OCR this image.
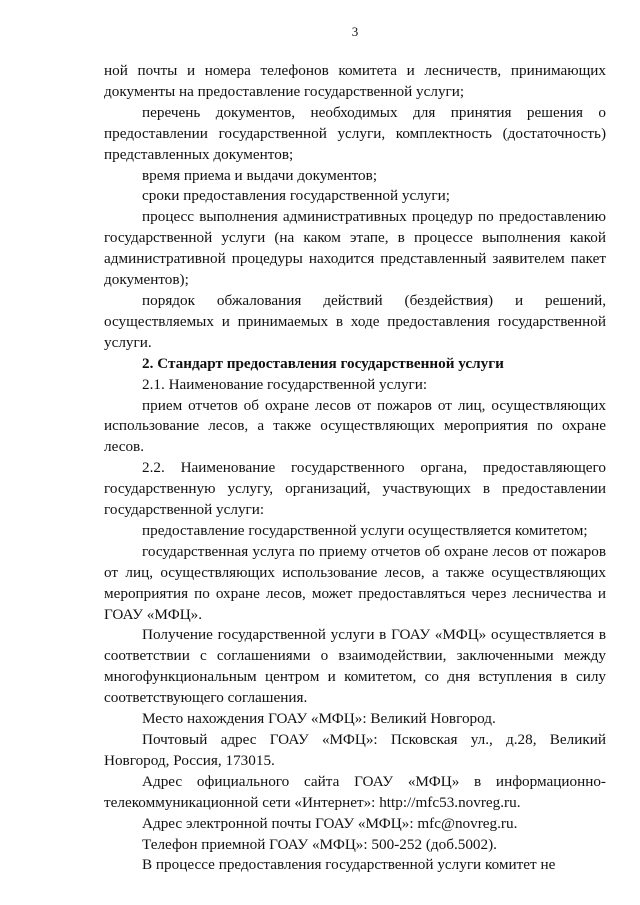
3

ной почты и номера телефонов комитета и лесничеств, принимающих документы на предоставление государственной услуги;

перечень документов, необходимых для принятия решения о предоставлении государственной услуги, комплектность (достаточность) представленных документов;

время приема и выдачи документов;

сроки предоставления государственной услуги;

процесс выполнения административных процедур по предоставлению государственной услуги (на каком этапе, в процессе выполнения какой административной процедуры находится представленный заявителем пакет документов);

порядок обжалования действий (бездействия) и решений, осуществляемых и принимаемых в ходе предоставления государственной услуги.

2. Стандарт предоставления государственной услуги

2.1. Наименование государственной услуги:

прием отчетов об охране лесов от пожаров от лиц, осуществляющих использование лесов, а также осуществляющих мероприятия по охране лесов.

2.2. Наименование государственного органа, предоставляющего государственную услугу, организаций, участвующих в предоставлении государственной услуги:

предоставление государственной услуги осуществляется комитетом;

государственная услуга по приему отчетов об охране лесов от пожаров от лиц, осуществляющих использование лесов, а также осуществляющих мероприятия по охране лесов, может предоставляться через лесничества и ГОАУ «МФЦ».

Получение государственной услуги в ГОАУ «МФЦ» осуществляется в соответствии с соглашениями о взаимодействии, заключенными между многофункциональным центром и комитетом, со дня вступления в силу соответствующего соглашения.

Место нахождения ГОАУ «МФЦ»: Великий Новгород.

Почтовый адрес ГОАУ «МФЦ»: Псковская ул., д.28, Великий Новгород, Россия, 173015.

Адрес официального сайта ГОАУ «МФЦ» в информационно-телекоммуникационной сети «Интернет»: http://mfc53.novreg.ru.

Адрес электронной почты ГОАУ «МФЦ»: mfc@novreg.ru.

Телефон приемной ГОАУ «МФЦ»: 500-252 (доб.5002).

В процессе предоставления государственной услуги комитет не
